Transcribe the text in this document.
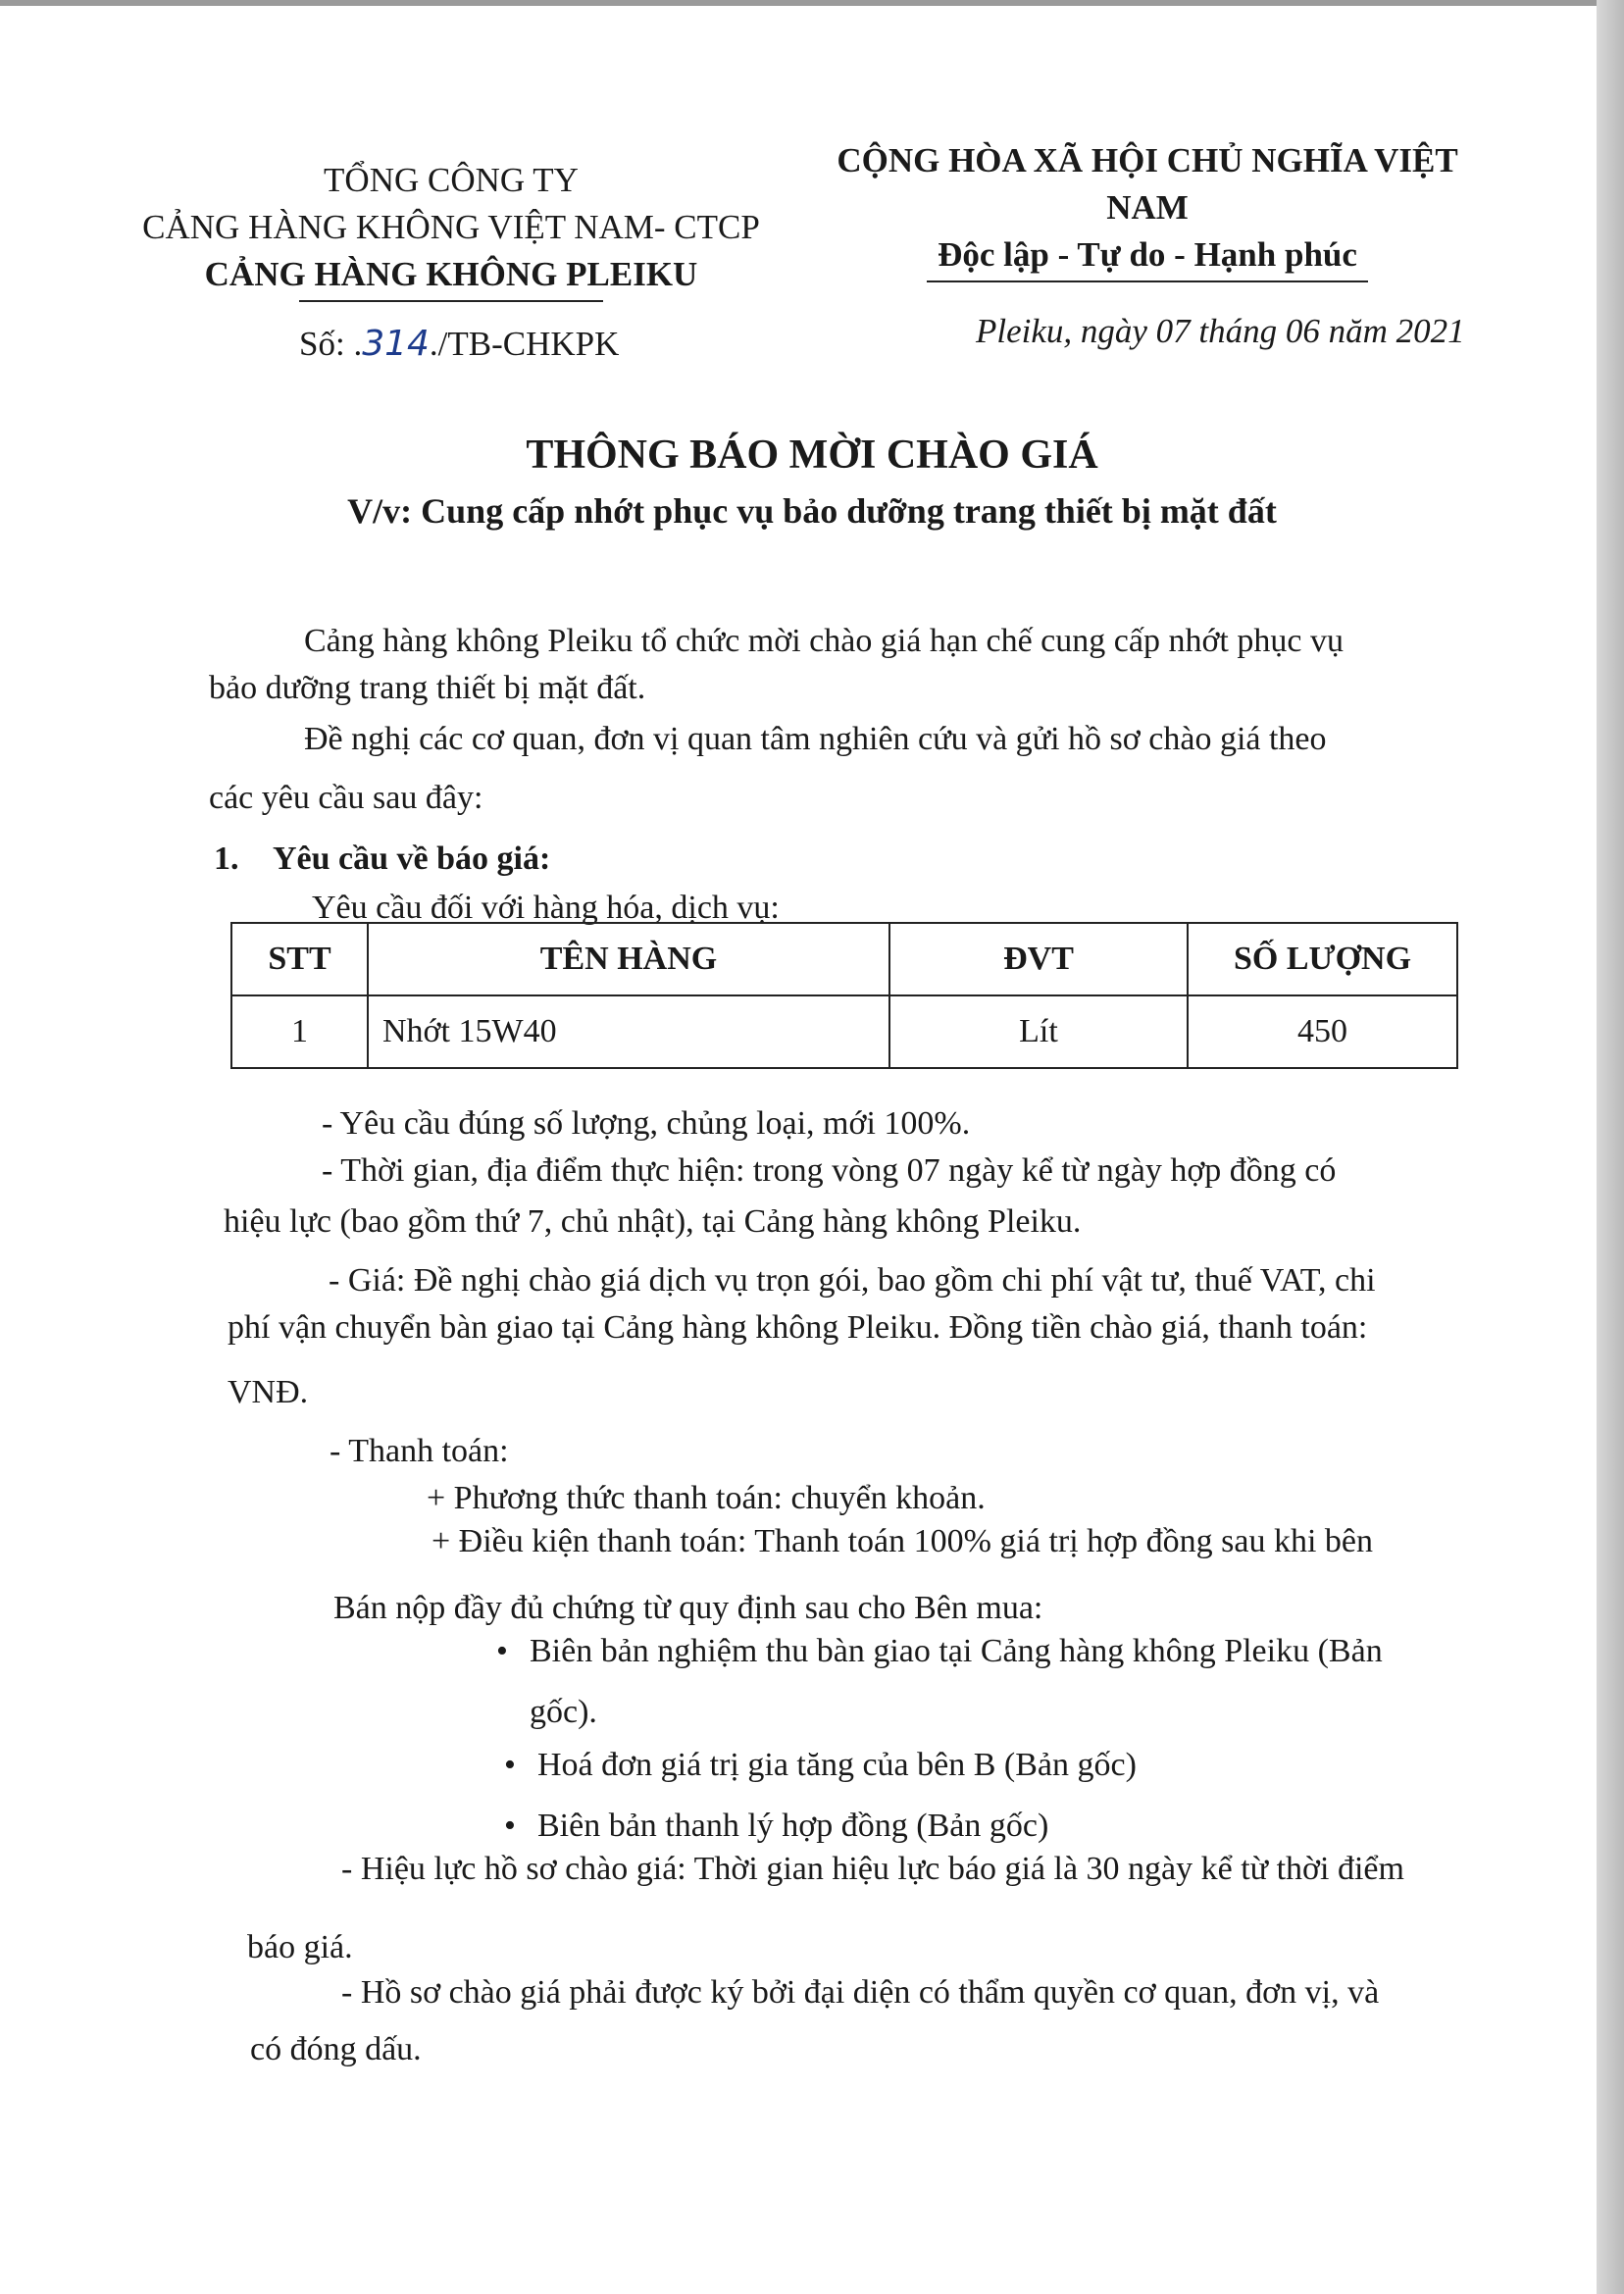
TỔNG CÔNG TY
CẢNG HÀNG KHÔNG VIỆT NAM- CTCP
CẢNG HÀNG KHÔNG PLEIKU
CỘNG HÒA XÃ HỘI CHỦ NGHĨA VIỆT NAM
Độc lập - Tự do - Hạnh phúc
Số: .314./TB-CHKPK	Pleiku, ngày 07 tháng 06 năm 2021
THÔNG BÁO MỜI CHÀO GIÁ
V/v: Cung cấp nhớt phục vụ bảo dưỡng trang thiết bị mặt đất
Cảng hàng không Pleiku tổ chức mời chào giá hạn chế cung cấp nhớt phục vụ
bảo dưỡng trang thiết bị mặt đất.
Đề nghị các cơ quan, đơn vị quan tâm nghiên cứu và gửi hồ sơ chào giá theo
các yêu cầu sau đây:
1. Yêu cầu về báo giá:
Yêu cầu đối với hàng hóa, dịch vụ:
STT	TÊN HÀNG	ĐVT	SỐ LƯỢNG
1	Nhớt 15W40	Lít	450
- Yêu cầu đúng số lượng, chủng loại, mới 100%.
- Thời gian, địa điểm thực hiện: trong vòng 07 ngày kể từ ngày hợp đồng có
hiệu lực (bao gồm thứ 7, chủ nhật), tại Cảng hàng không Pleiku.
- Giá: Đề nghị chào giá dịch vụ trọn gói, bao gồm chi phí vật tư, thuế VAT, chi
phí vận chuyển bàn giao tại Cảng hàng không Pleiku. Đồng tiền chào giá, thanh toán:
VNĐ.
- Thanh toán:
+ Phương thức thanh toán: chuyển khoản.
+ Điều kiện thanh toán: Thanh toán 100% giá trị hợp đồng sau khi bên
Bán nộp đầy đủ chứng từ quy định sau cho Bên mua:
• Biên bản nghiệm thu bàn giao tại Cảng hàng không Pleiku (Bản
gốc).
• Hoá đơn giá trị gia tăng của bên B (Bản gốc)
• Biên bản thanh lý hợp đồng (Bản gốc)
- Hiệu lực hồ sơ chào giá: Thời gian hiệu lực báo giá là 30 ngày kể từ thời điểm
báo giá.
- Hồ sơ chào giá phải được ký bởi đại diện có thẩm quyền cơ quan, đơn vị, và
có đóng dấu.
